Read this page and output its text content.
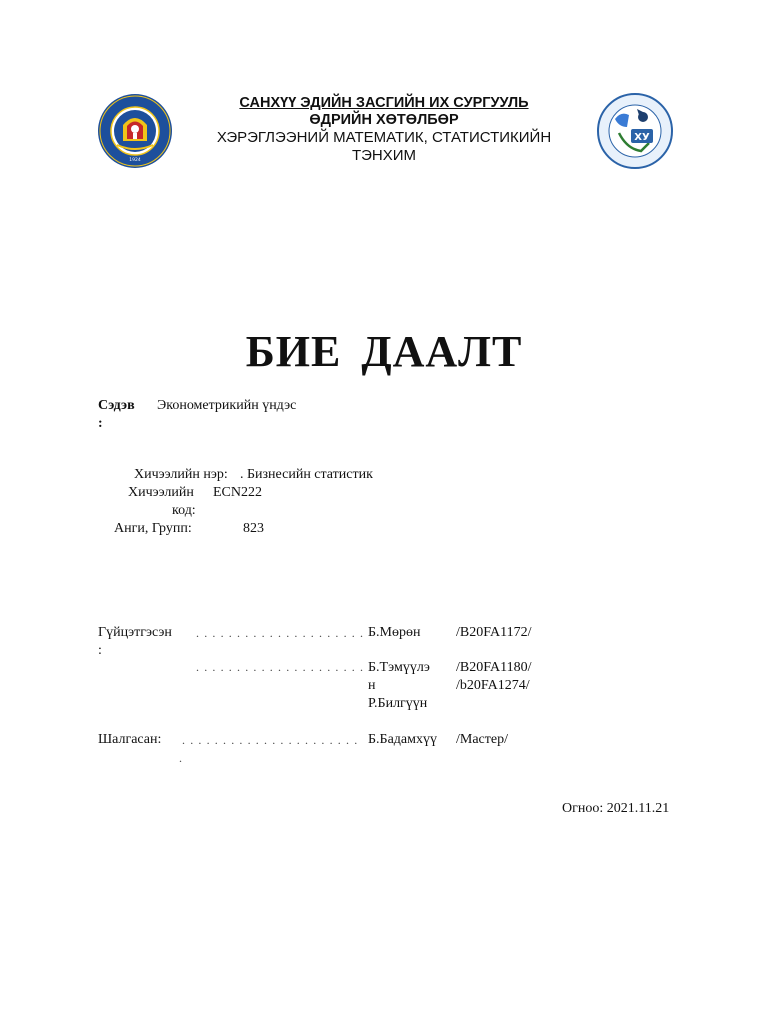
1924
ХУ
САНХҮҮ ЭДИЙН ЗАСГИЙН ИХ СУРГУУЛЬ
ӨДРИЙН ХӨТӨЛБӨР
ХЭРЭГЛЭЭНИЙ МАТЕМАТИК, СТАТИСТИКИЙН
ТЭНХИМ
БИЕ ДААЛТ
Сэдэв
:
Эконометрикийн үндэс
Хичээлийн нэр: . Бизнесийн статистик
Хичээлийн ECN222
код:
Анги, Групп:	823
Гүйцэтгэсэн
:
. . . . . . . . . . . . . . . . . . . . .
. . . . . . . . . . . . . . . . . . . . .
Б.Мөрөн	/B20FA1172/
Б.Тэмүүлэ
н
/B20FA1180/
Р.Билгүүн
/b20FA1274/
Шалгасан: . . . . . . . . . . . . . . . . . . . . . .
.
Б.Бадамхүү /Мастер/
Огноо: 2021.11.21
